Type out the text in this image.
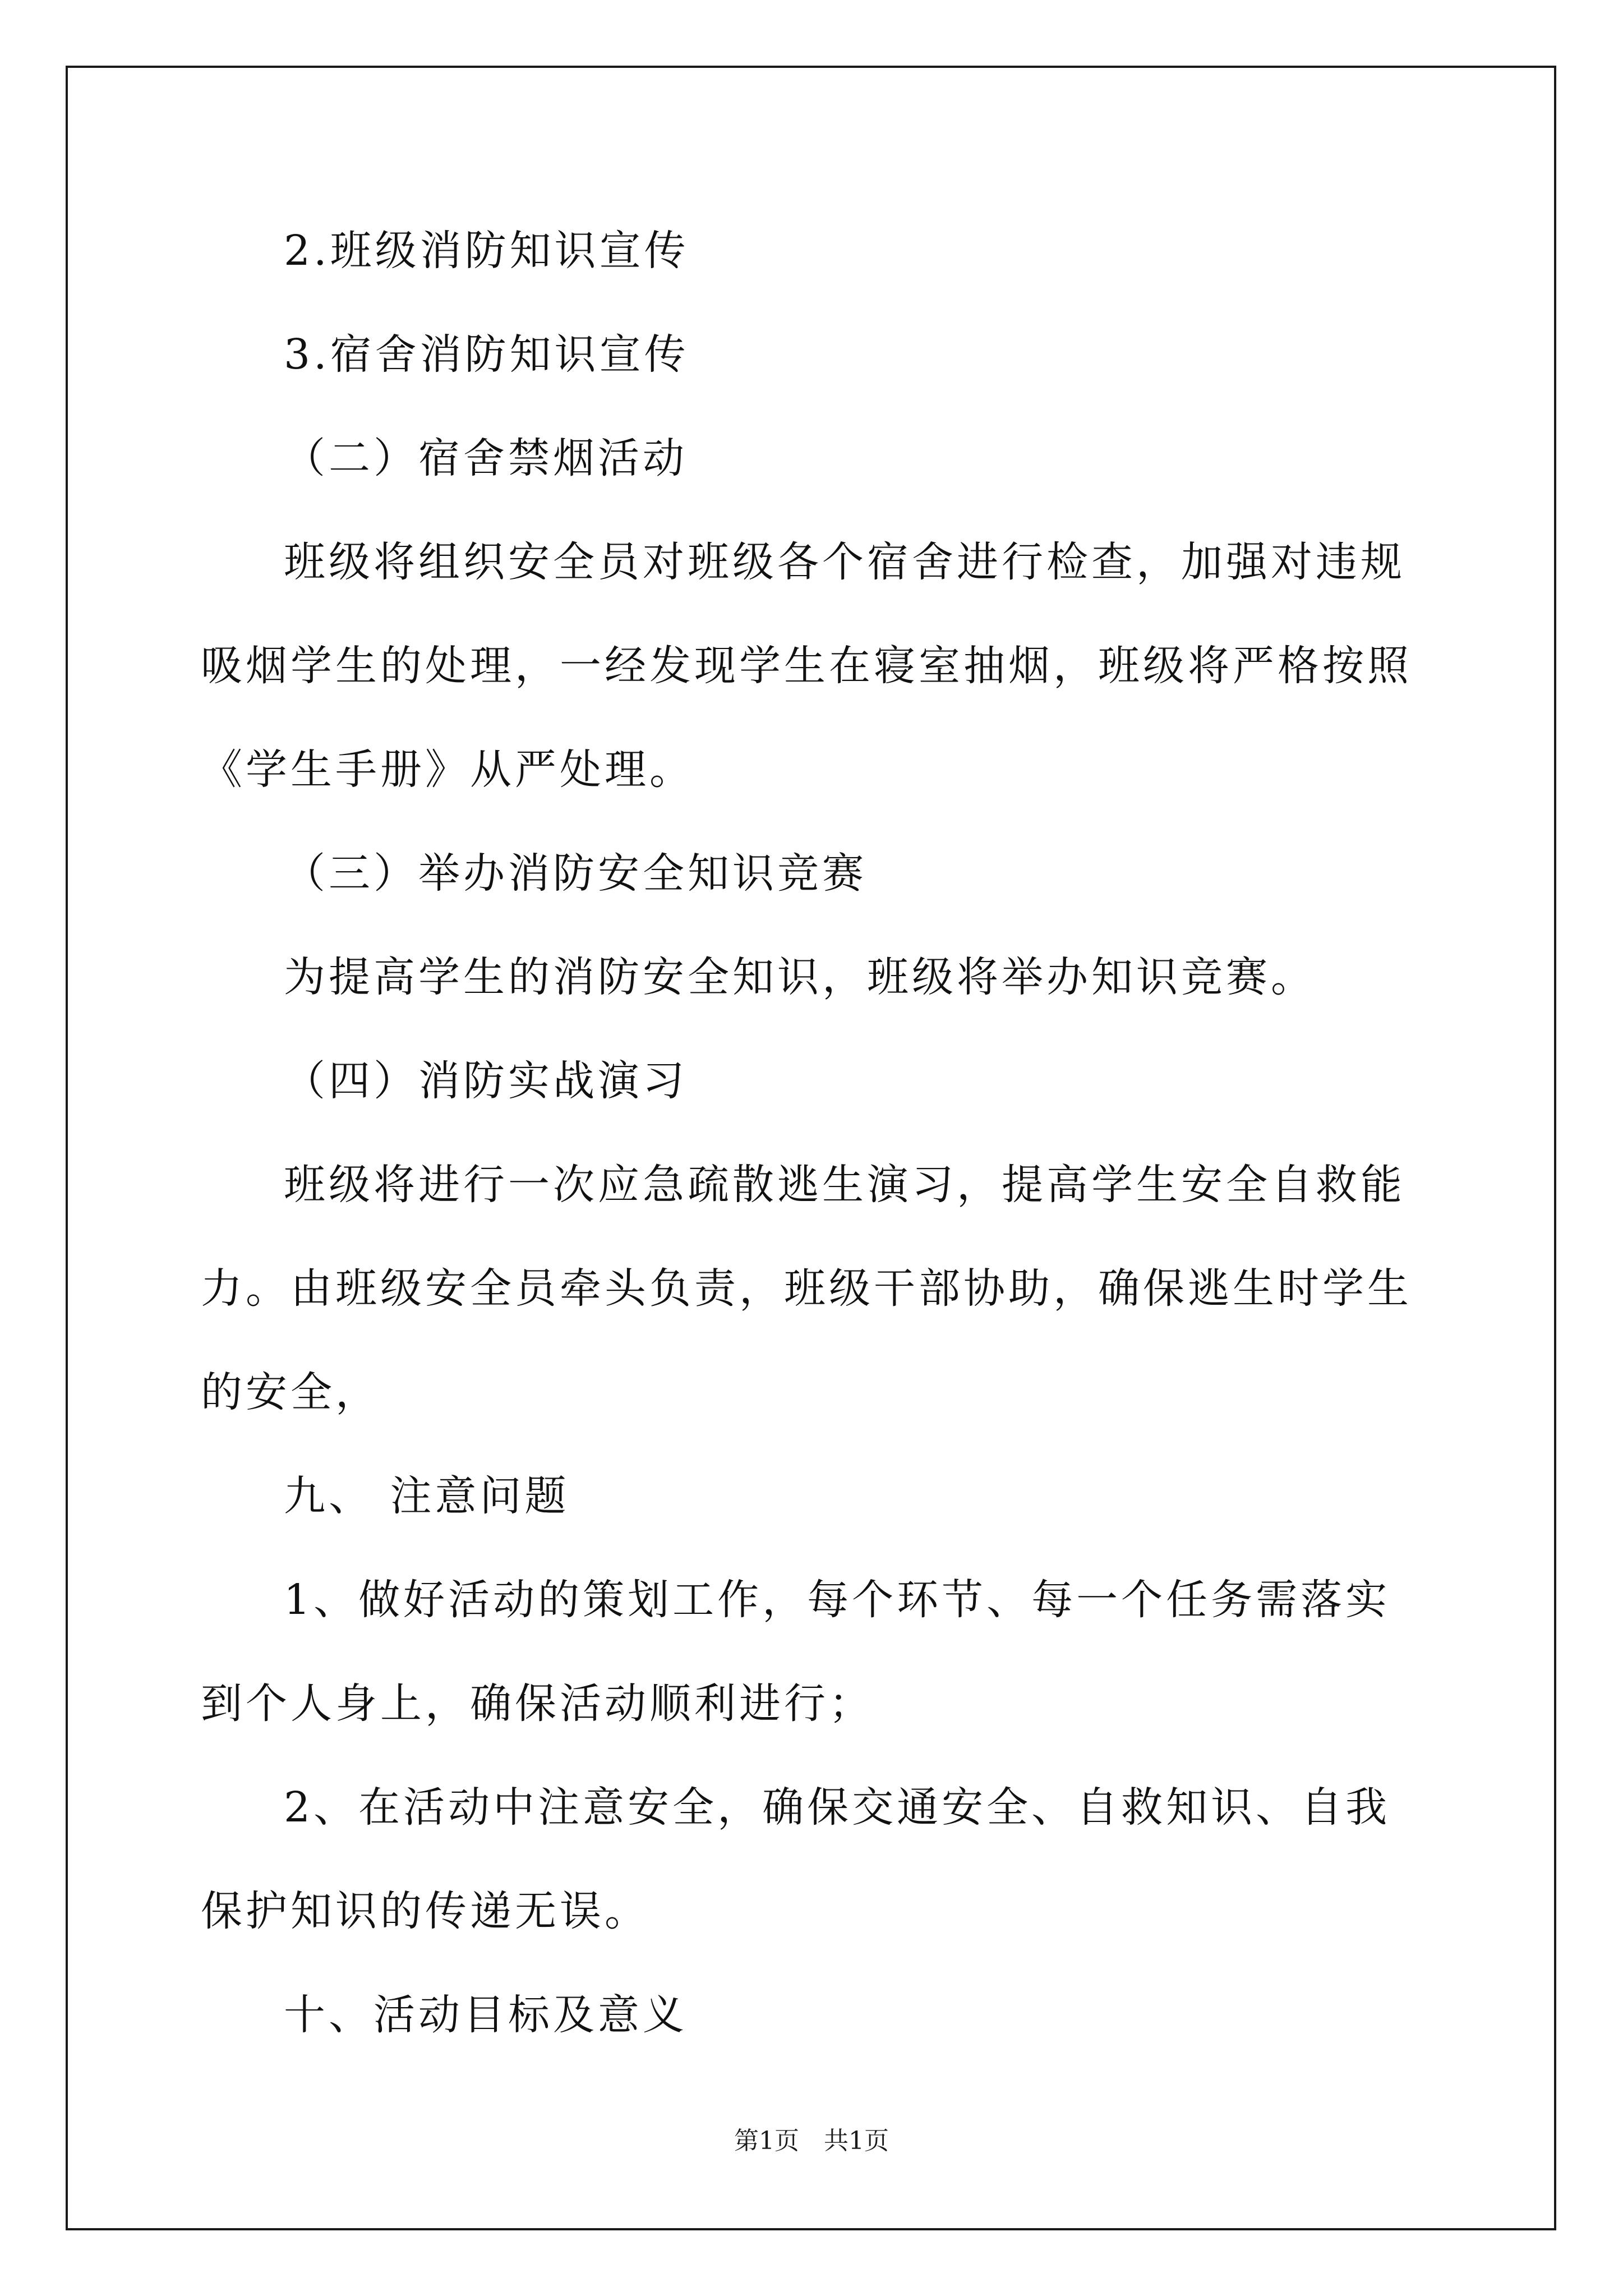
2.班级消防知识宣传

3.宿舍消防知识宣传

（二）宿舍禁烟活动

班级将组织安全员对班级各个宿舍进行检查，加强对违规吸烟学生的处理，一经发现学生在寝室抽烟，班级将严格按照《学生手册》从严处理。

（三）举办消防安全知识竞赛

为提高学生的消防安全知识，班级将举办知识竞赛。

（四）消防实战演习

班级将进行一次应急疏散逃生演习，提高学生安全自救能力。由班级安全员牵头负责，班级干部协助，确保逃生时学生的安全，

九、 注意问题

1、做好活动的策划工作，每个环节、每一个任务需落实到个人身上，确保活动顺利进行；

2、在活动中注意安全，确保交通安全、自救知识、自我保护知识的传递无误。

十、活动目标及意义

第1页 共1页
